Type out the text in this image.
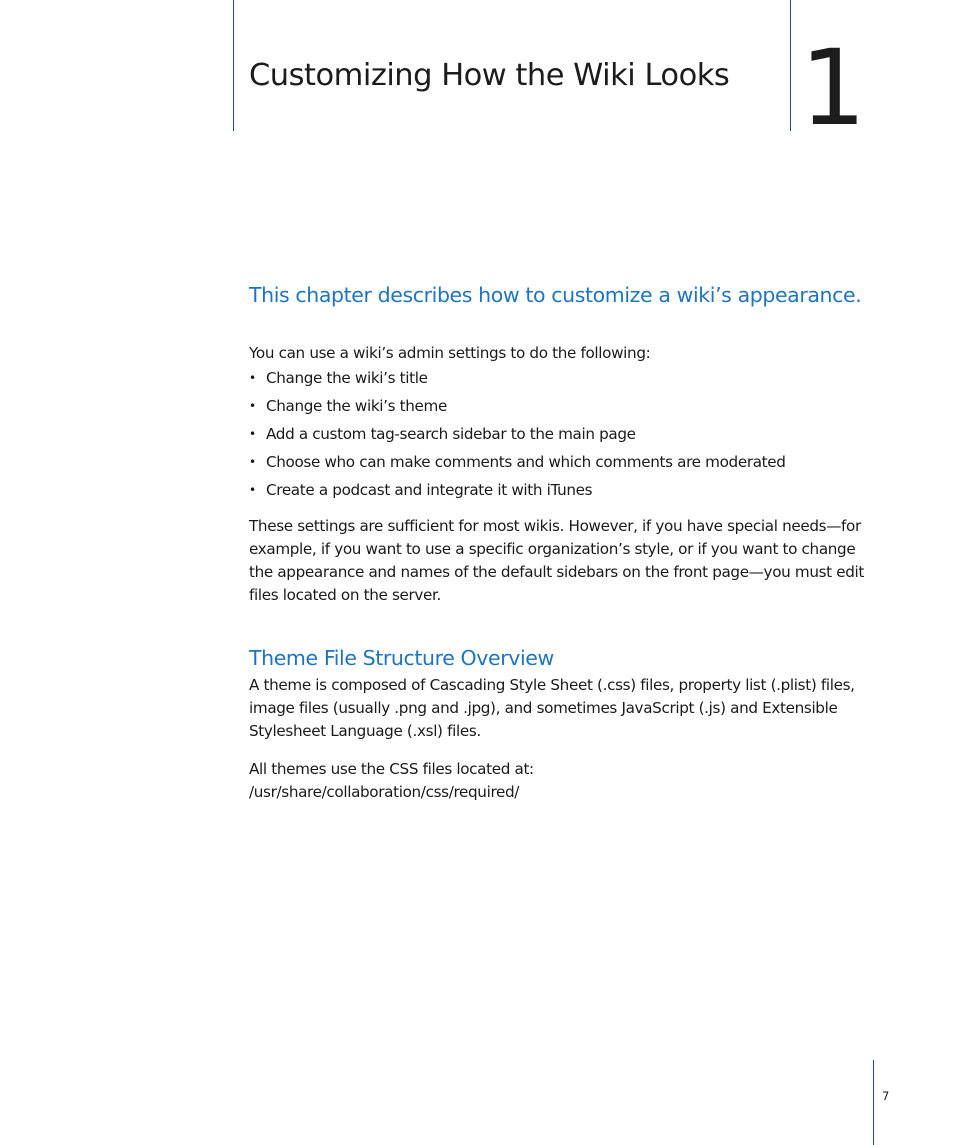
Customizing How the Wiki Looks 1
This chapter describes how to customize a wiki’s appearance.

You can use a wiki’s admin settings to do the following:

• Change the wiki’s title
• Change the wiki’s theme
• Add a custom tag-search sidebar to the main page
• Choose who can make comments and which comments are moderated
• Create a podcast and integrate it with iTunes

These settings are sufficient for most wikis. However, if you have special needs—for example, if you want to use a specific organization’s style, or if you want to change the appearance and names of the default sidebars on the front page—you must edit files located on the server.

Theme File Structure Overview

A theme is composed of Cascading Style Sheet (.css) files, property list (.plist) files, image files (usually .png and .jpg), and sometimes JavaScript (.js) and Extensible Stylesheet Language (.xsl) files.

All themes use the CSS files located at:
/usr/share/collaboration/css/required/

7
